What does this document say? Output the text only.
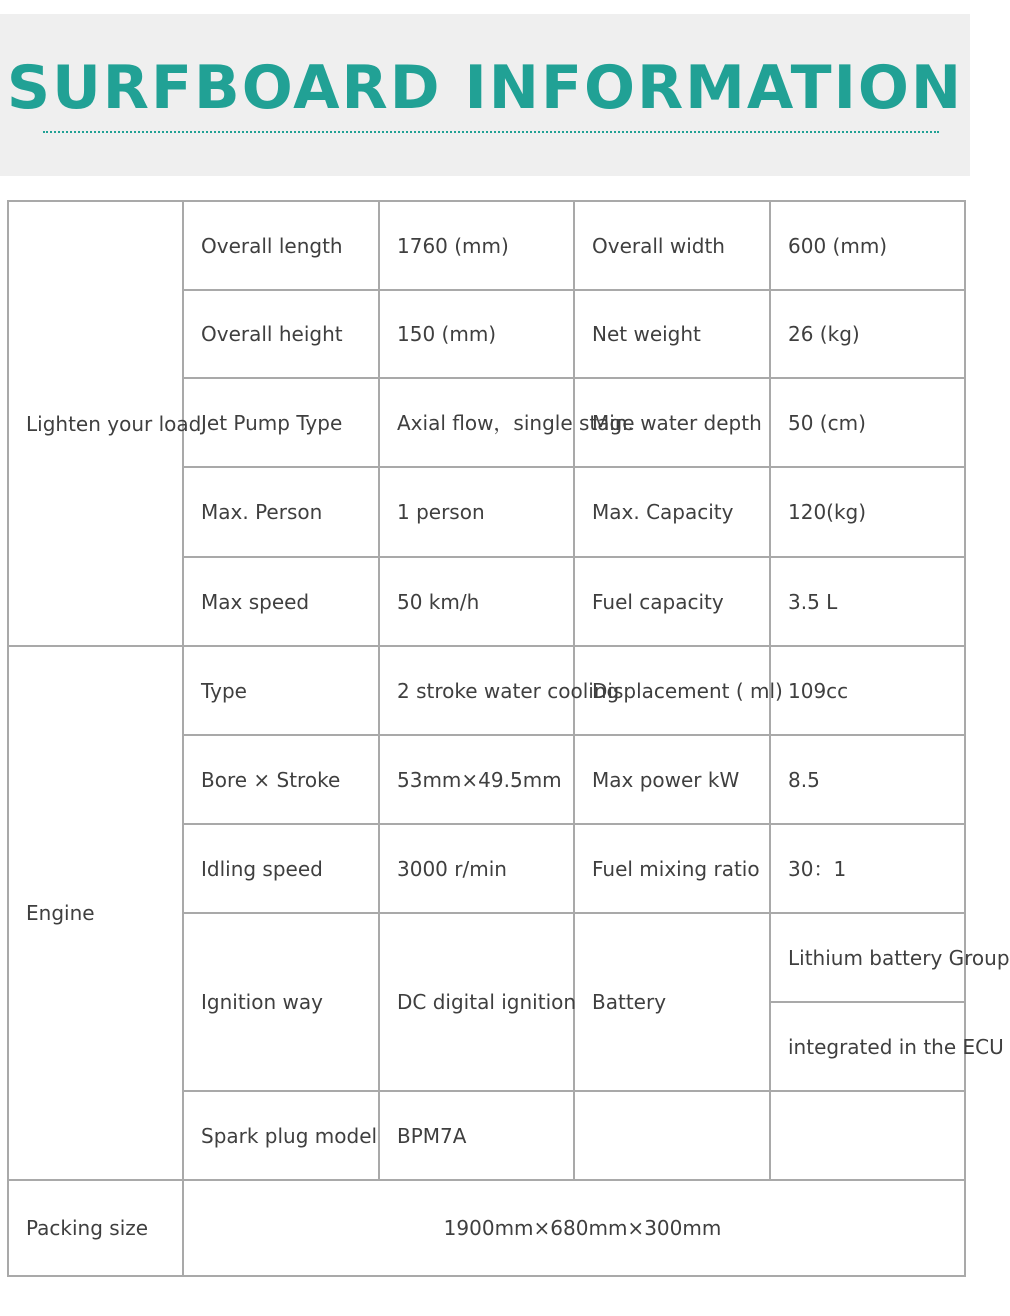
SURFBOARD INFORMATION
Lighten your load	Overall length	1760 (mm)	Overall width	600 (mm)
	Overall height	150 (mm)	Net weight	26 (kg)
	Jet Pump Type	Axial flow，single stage	Min. water depth	50 (cm)
	Max. Person	1 person	Max. Capacity	120(kg)
	Max speed	50 km/h	Fuel capacity	3.5 L
Engine	Type	2 stroke water cooling	Displacement ( ml)	109cc
	Bore × Stroke	53mm×49.5mm	Max power kW	8.5
	Idling speed	3000 r/min	Fuel mixing ratio	30：1
	Ignition way	DC digital ignition	Battery	Lithium battery Group
				integrated in the ECU
	Spark plug model	BPM7A		
Packing size	1900mm×680mm×300mm			
